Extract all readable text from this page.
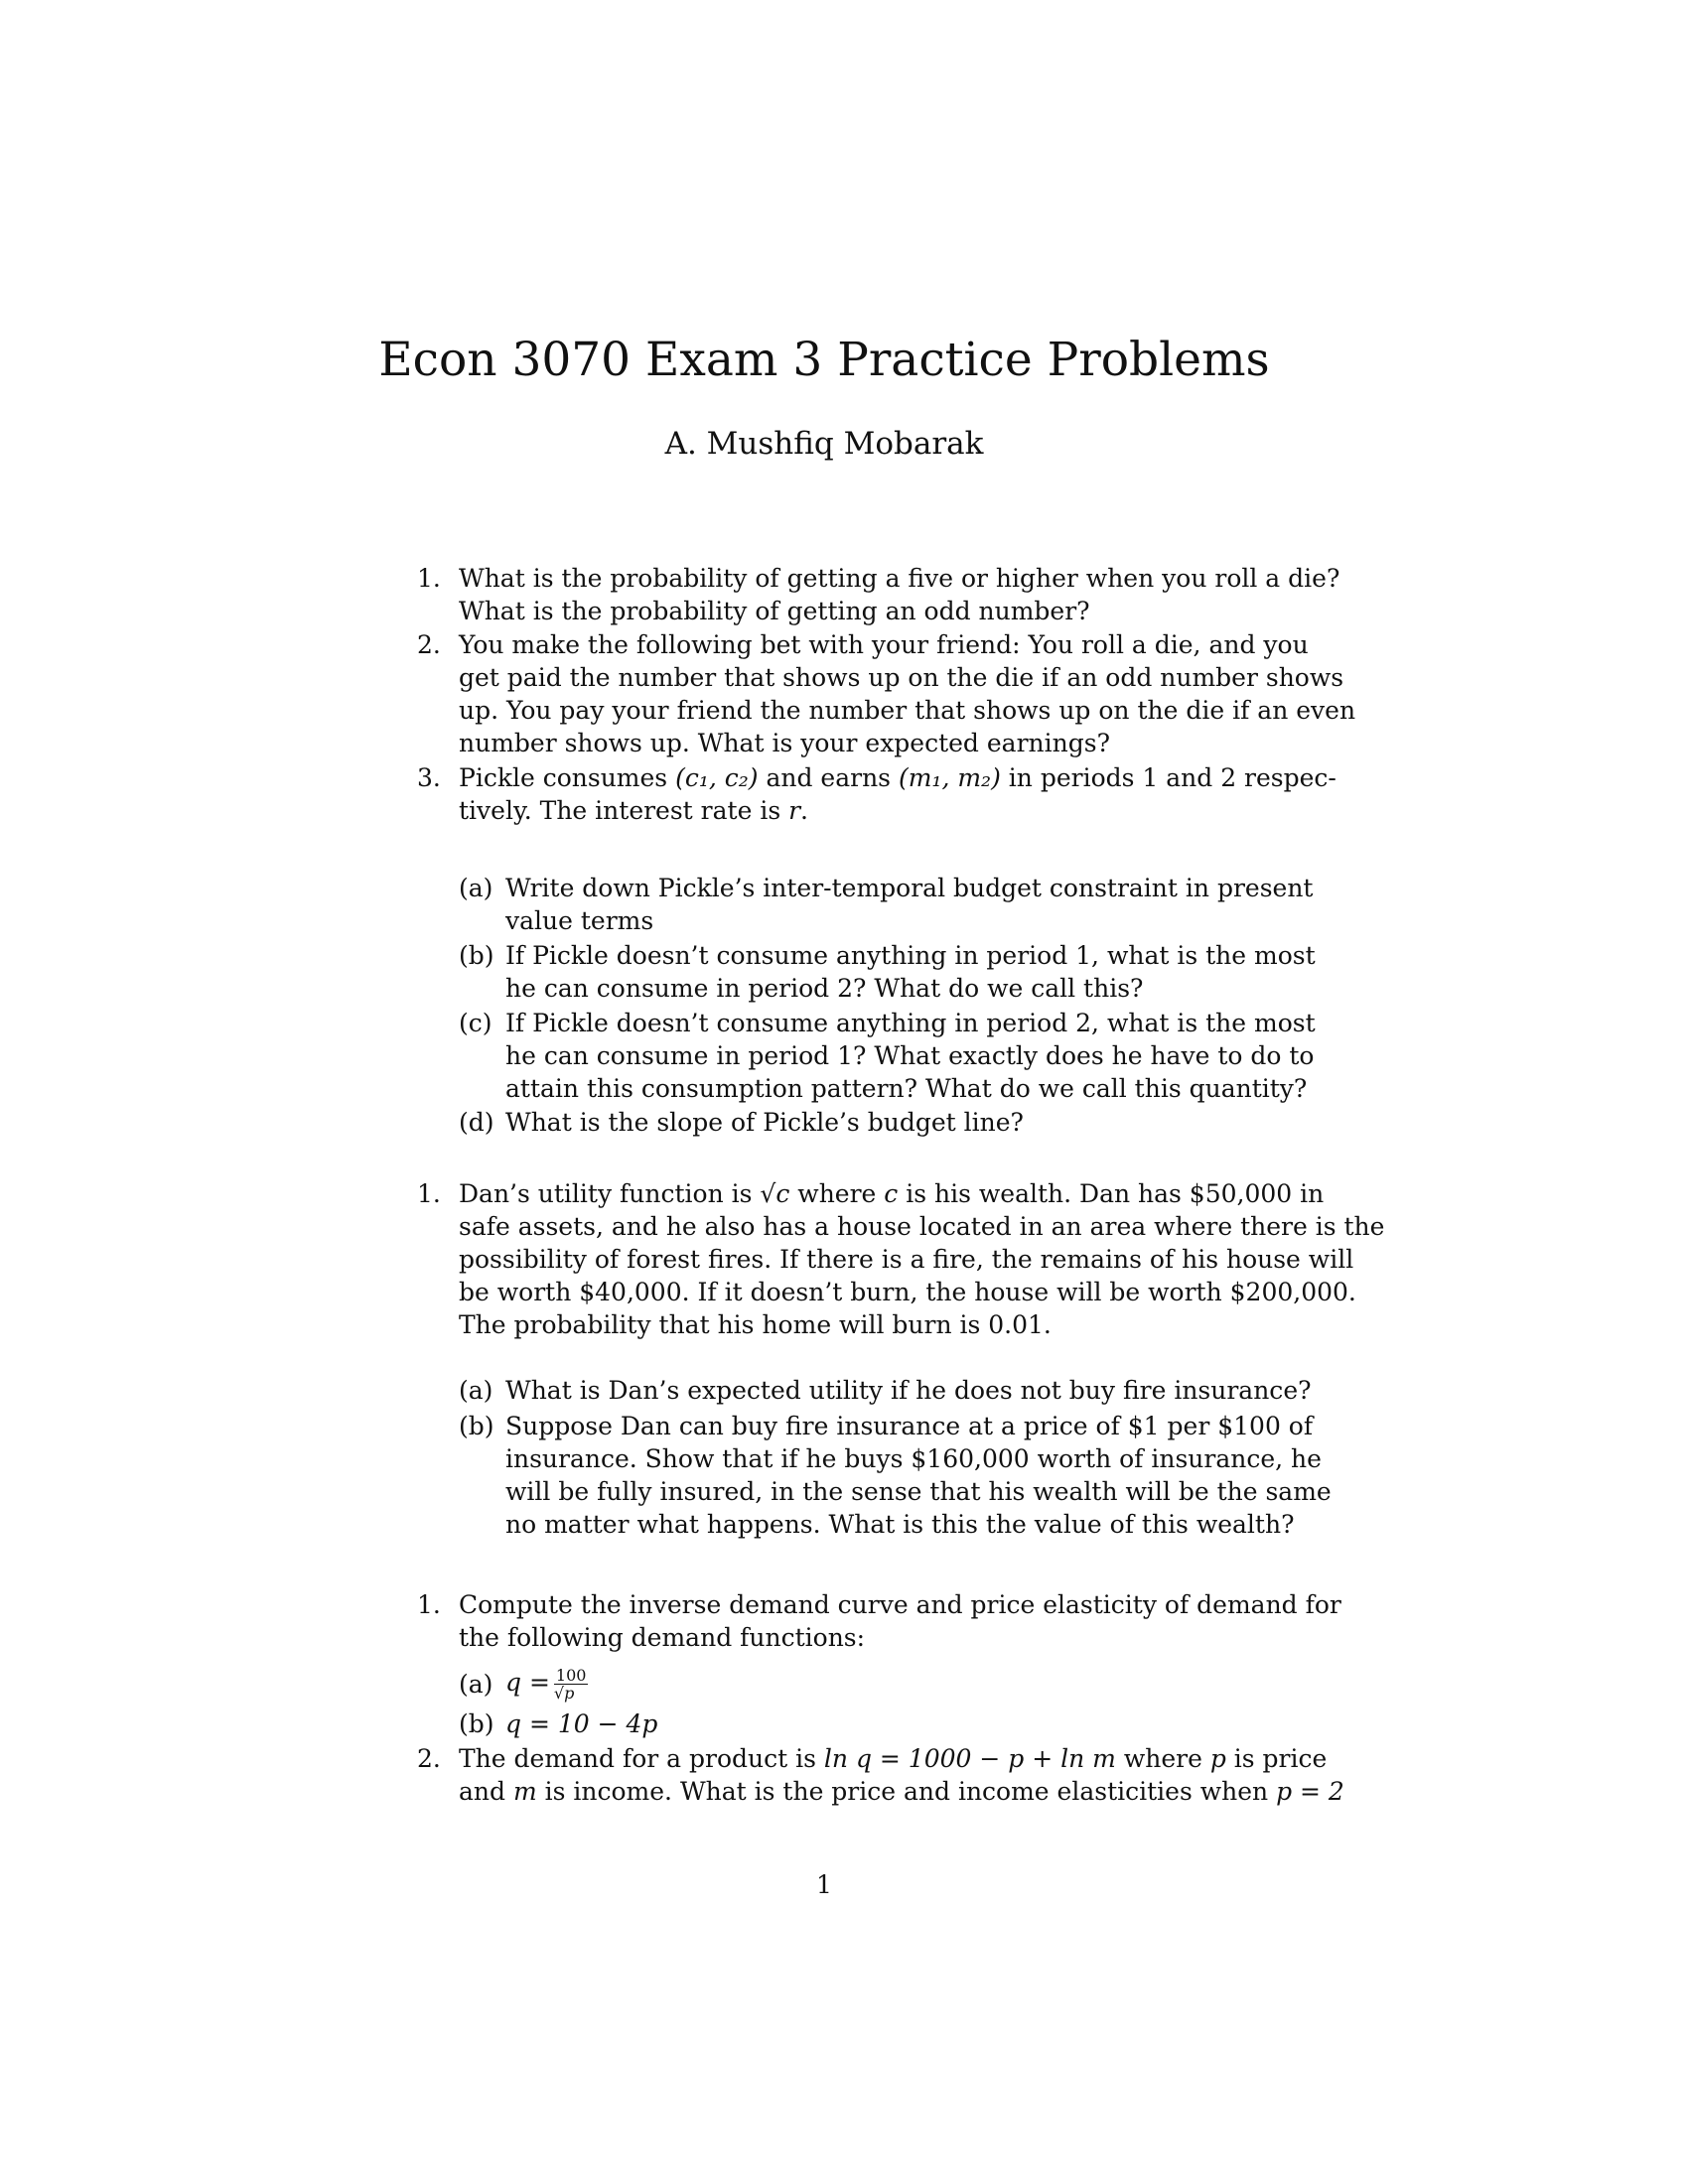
Econ 3070 Exam 3 Practice Problems
A. Mushfiq Mobarak
1. What is the probability of getting a five or higher when you roll a die?
What is the probability of getting an odd number?
2. You make the following bet with your friend: You roll a die, and you
get paid the number that shows up on the die if an odd number shows
up. You pay your friend the number that shows up on the die if an even
number shows up. What is your expected earnings?
3. Pickle consumes (c₁, c₂) and earns (m₁, m₂) in periods 1 and 2 respec-
tively. The interest rate is r.
(a) Write down Pickle’s inter-temporal budget constraint in present
value terms
(b) If Pickle doesn’t consume anything in period 1, what is the most
he can consume in period 2? What do we call this?
(c) If Pickle doesn’t consume anything in period 2, what is the most
he can consume in period 1? What exactly does he have to do to
attain this consumption pattern? What do we call this quantity?
(d) What is the slope of Pickle’s budget line?
1. Dan’s utility function is √c where c is his wealth. Dan has $50,000 in
safe assets, and he also has a house located in an area where there is the
possibility of forest fires. If there is a fire, the remains of his house will
be worth $40,000. If it doesn’t burn, the house will be worth $200,000.
The probability that his home will burn is 0.01.
(a) What is Dan’s expected utility if he does not buy fire insurance?
(b) Suppose Dan can buy fire insurance at a price of $1 per $100 of
insurance. Show that if he buys $160,000 worth of insurance, he
will be fully insured, in the sense that his wealth will be the same
no matter what happens. What is this the value of this wealth?
1. Compute the inverse demand curve and price elasticity of demand for
the following demand functions:
(a) $q = \frac{100}{√p}$
(b) q = 10 − 4p
2. The demand for a product is ln q = 1000 − p + ln m where p is price
and m is income. What is the price and income elasticities when p = 2
1
